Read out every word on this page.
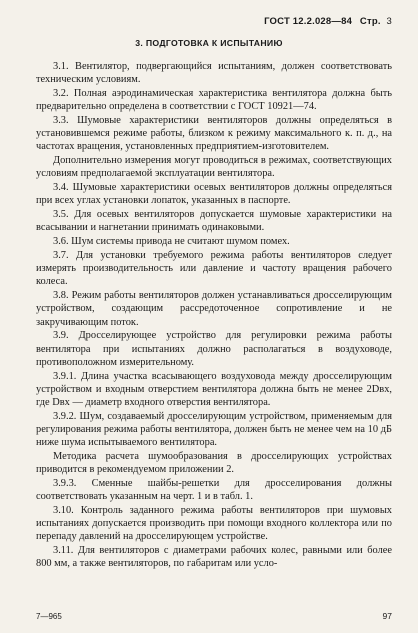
ГОСТ 12.2.028—84 Стр. 3
3. ПОДГОТОВКА К ИСПЫТАНИЮ

3.1. Вентилятор, подвергающийся испытаниям, должен соответствовать техническим условиям.

3.2. Полная аэродинамическая характеристика вентилятора должна быть предварительно определена в соответствии с ГОСТ 10921—74.

3.3. Шумовые характеристики вентиляторов должны определяться в установившемся режиме работы, близком к режиму максимального к. п. д., на частотах вращения, установленных предприятием-изготовителем.

Дополнительно измерения могут проводиться в режимах, соответствующих условиям предполагаемой эксплуатации вентилятора.

3.4. Шумовые характеристики осевых вентиляторов должны определяться при всех углах установки лопаток, указанных в паспорте.

3.5. Для осевых вентиляторов допускается шумовые характеристики на всасывании и нагнетании принимать одинаковыми.

3.6. Шум системы привода не считают шумом помех.

3.7. Для установки требуемого режима работы вентиляторов следует измерять производительность или давление и частоту вращения рабочего колеса.

3.8. Режим работы вентиляторов должен устанавливаться дросселирующим устройством, создающим рассредоточенное сопротивление и не закручивающим поток.

3.9. Дросселирующее устройство для регулировки режима работы вентилятора при испытаниях должно располагаться в воздуховоде, противоположном измерительному.

3.9.1. Длина участка всасывающего воздуховода между дросселирующим устройством и входным отверстием вентилятора должна быть не менее 2Dвх, где Dвх — диаметр входного отверстия вентилятора.

3.9.2. Шум, создаваемый дросселирующим устройством, применяемым для регулирования режима работы вентилятора, должен быть не менее чем на 10 дБ ниже шума испытываемого вентилятора.

Методика расчета шумообразования в дросселирующих устройствах приводится в рекомендуемом приложении 2.

3.9.3. Сменные шайбы-решетки для дросселирования должны соответствовать указанным на черт. 1 и в табл. 1.

3.10. Контроль заданного режима работы вентиляторов при шумовых испытаниях допускается производить при помощи входного коллектора или по перепаду давлений на дросселирующем устройстве.

3.11. Для вентиляторов с диаметрами рабочих колес, равными или более 800 мм, а также вентиляторов, по габаритам или усло-

7—965	97
